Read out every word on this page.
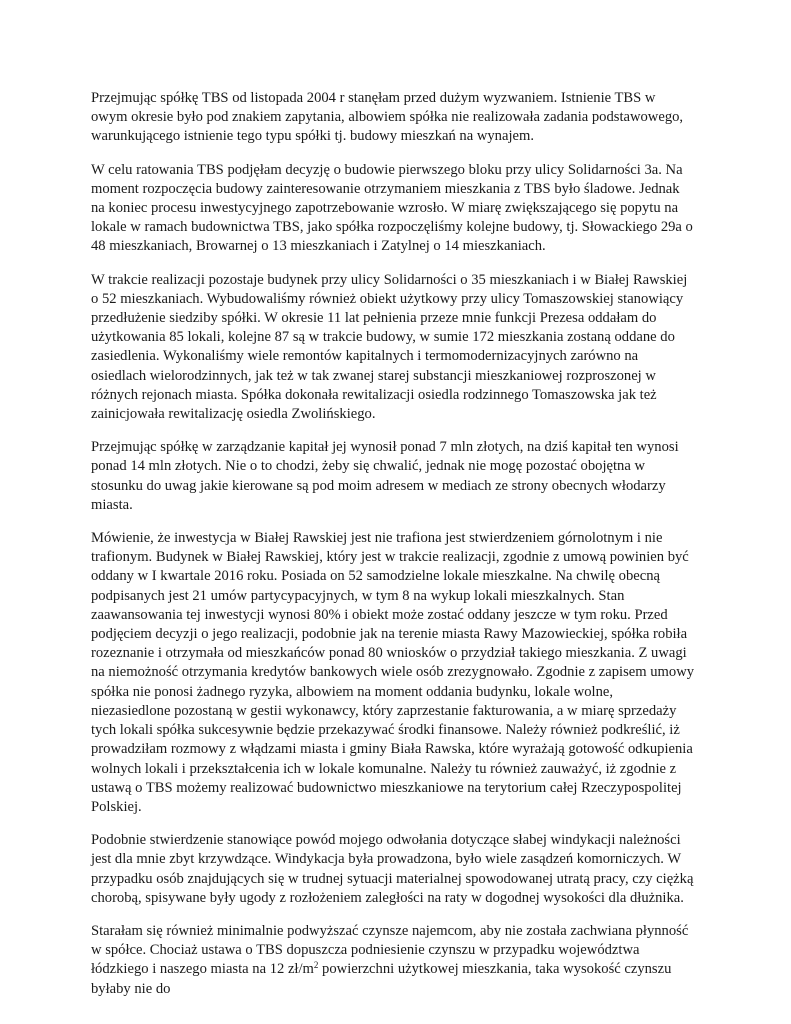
Przejmując spółkę TBS od listopada 2004 r stanęłam przed dużym wyzwaniem. Istnienie TBS w owym okresie było pod znakiem zapytania, albowiem spółka nie realizowała zadania podstawowego, warunkującego istnienie tego typu spółki tj. budowy mieszkań na wynajem.

W celu ratowania TBS podjęłam decyzję o budowie pierwszego bloku przy ulicy Solidarności 3a. Na moment rozpoczęcia budowy zainteresowanie otrzymaniem mieszkania z TBS było śladowe. Jednak na koniec procesu inwestycyjnego zapotrzebowanie wzrosło. W miarę zwiększającego się popytu na lokale w ramach budownictwa TBS, jako spółka rozpoczęliśmy kolejne budowy, tj. Słowackiego 29a o 48 mieszkaniach, Browarnej o 13 mieszkaniach i Zatylnej o 14 mieszkaniach.

W trakcie realizacji pozostaje budynek przy ulicy Solidarności o 35 mieszkaniach i w Białej Rawskiej o 52 mieszkaniach. Wybudowaliśmy również obiekt użytkowy przy ulicy Tomaszowskiej stanowiący przedłużenie siedziby spółki. W okresie 11 lat pełnienia przeze mnie funkcji Prezesa oddałam do użytkowania 85 lokali, kolejne 87 są w trakcie budowy, w sumie 172 mieszkania zostaną oddane do zasiedlenia. Wykonaliśmy wiele remontów kapitalnych i termomodernizacyjnych zarówno na osiedlach wielorodzinnych, jak też w tak zwanej starej substancji mieszkaniowej rozproszonej w różnych rejonach miasta. Spółka dokonała rewitalizacji osiedla rodzinnego Tomaszowska jak też zainicjowała rewitalizację osiedla Zwolińskiego.

Przejmując spółkę w zarządzanie kapitał jej wynosił ponad 7 mln złotych, na dziś kapitał ten wynosi ponad 14 mln złotych. Nie o to chodzi, żeby się chwalić, jednak nie mogę pozostać obojętna w stosunku do uwag jakie kierowane są pod moim adresem w mediach ze strony obecnych włodarzy miasta.

Mówienie, że inwestycja w Białej Rawskiej jest nie trafiona jest stwierdzeniem górnolotnym i nie trafionym. Budynek w Białej Rawskiej, który jest w trakcie realizacji, zgodnie z umową powinien być oddany w I kwartale 2016 roku. Posiada on 52 samodzielne lokale mieszkalne. Na chwilę obecną podpisanych jest 21 umów partycypacyjnych, w tym 8 na wykup lokali mieszkalnych. Stan zaawansowania tej inwestycji wynosi 80% i obiekt może zostać oddany jeszcze w tym roku. Przed podjęciem decyzji o jego realizacji, podobnie jak na terenie miasta Rawy Mazowieckiej, spółka robiła rozeznanie i otrzymała od mieszkańców ponad 80 wniosków o przydział takiego mieszkania. Z uwagi na niemożność otrzymania kredytów bankowych wiele osób zrezygnowało. Zgodnie z zapisem umowy spółka nie ponosi żadnego ryzyka, albowiem na moment oddania budynku, lokale wolne, niezasiedlone pozostaną w gestii wykonawcy, który zaprzestanie fakturowania, a w miarę sprzedaży tych lokali spółka sukcesywnie będzie przekazywać środki finansowe. Należy również podkreślić, iż prowadziłam rozmowy z włądzami miasta i gminy Biała Rawska, które wyrażają gotowość odkupienia wolnych lokali i przekształcenia ich w lokale komunalne. Należy tu również zauważyć, iż zgodnie z ustawą o TBS możemy realizować budownictwo mieszkaniowe na terytorium całej Rzeczypospolitej Polskiej.

Podobnie stwierdzenie stanowiące powód mojego odwołania dotyczące słabej windykacji należności jest dla mnie zbyt krzywdzące. Windykacja była prowadzona, było wiele zasądzeń komorniczych. W przypadku osób znajdujących się w trudnej sytuacji materialnej spowodowanej utratą pracy, czy ciężką chorobą, spisywane były ugody z rozłożeniem zaległości na raty w dogodnej wysokości dla dłużnika.

Starałam się również minimalnie podwyższać czynsze najemcom, aby nie została zachwiana płynność w spółce. Chociaż ustawa o TBS dopuszcza podniesienie czynszu w przypadku województwa łódzkiego i naszego miasta na 12 $zł/m^2$ powierzchni użytkowej mieszkania, taka wysokość czynszu byłaby nie do
